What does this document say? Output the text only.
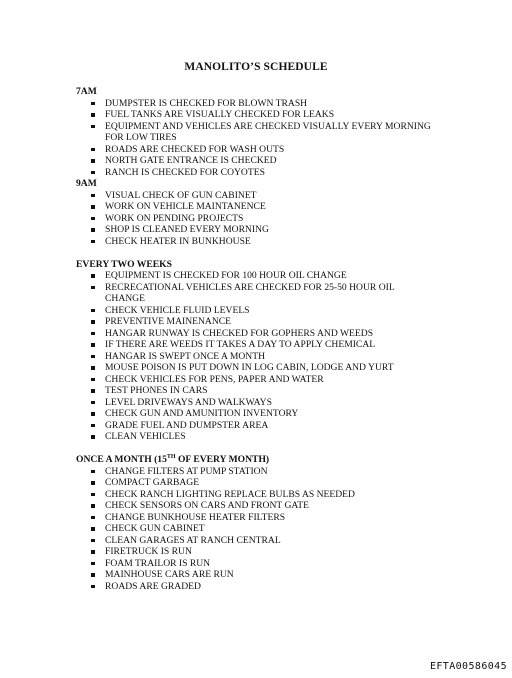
MANOLITO’S SCHEDULE
7AM
DUMPSTER IS CHECKED FOR BLOWN TRASH
FUEL TANKS ARE VISUALLY CHECKED FOR LEAKS
EQUIPMENT AND VEHICLES ARE CHECKED VISUALLY EVERY MORNING FOR LOW TIRES
ROADS ARE CHECKED FOR WASH OUTS
NORTH GATE ENTRANCE IS CHECKED
RANCH IS CHECKED FOR COYOTES
9AM
VISUAL CHECK OF GUN CABINET
WORK ON VEHICLE MAINTANENCE
WORK ON PENDING PROJECTS
SHOP IS CLEANED EVERY MORNING
CHECK HEATER IN BUNKHOUSE
EVERY TWO WEEKS
EQUIPMENT IS CHECKED FOR 100 HOUR OIL CHANGE
RECRECATIONAL VEHICLES ARE CHECKED FOR 25-50 HOUR OIL CHANGE
CHECK VEHICLE FLUID LEVELS
PREVENTIVE MAINENANCE
HANGAR RUNWAY IS CHECKED FOR GOPHERS AND WEEDS
IF THERE ARE WEEDS IT TAKES A DAY TO APPLY CHEMICAL
HANGAR IS SWEPT ONCE A MONTH
MOUSE POISON IS PUT DOWN IN LOG CABIN, LODGE AND YURT
CHECK VEHICLES FOR PENS, PAPER AND WATER
TEST PHONES IN CARS
LEVEL DRIVEWAYS AND WALKWAYS
CHECK GUN AND AMUNITION INVENTORY
GRADE FUEL AND DUMPSTER AREA
CLEAN VEHICLES
ONCE A MONTH (15TH OF EVERY MONTH)
CHANGE FILTERS AT PUMP STATION
COMPACT GARBAGE
CHECK RANCH LIGHTING REPLACE BULBS AS NEEDED
CHECK SENSORS ON CARS AND FRONT GATE
CHANGE BUNKHOUSE HEATER FILTERS
CHECK GUN CABINET
CLEAN GARAGES AT RANCH CENTRAL
FIRETRUCK IS RUN
FOAM TRAILOR IS RUN
MAINHOUSE CARS ARE RUN
ROADS ARE GRADED
EFTA00586045
